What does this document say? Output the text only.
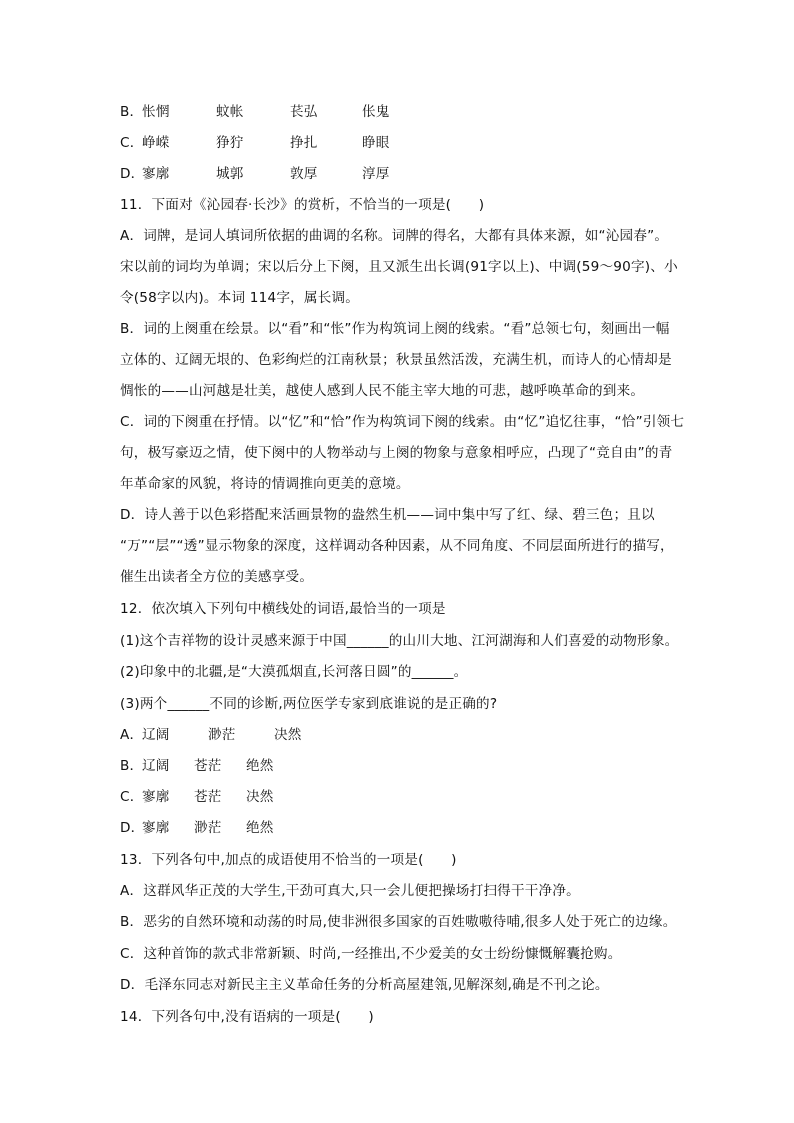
B．
怅惘	蚊帐	苌弘	伥鬼
C．
峥嵘	狰狞	挣扎	睁眼
D．
寥廓	城郭	敦厚	淳厚
11．下面对《沁园春·长沙》的赏析，不恰当的一项是(　　)
A．词牌，是词人填词所依据的曲调的名称。词牌的得名，大都有具体来源，如“沁园春”。
宋以前的词均为单调；宋以后分上下阕，且又派生出长调(91字以上)、中调(59～90字)、小
令(58字以内)。本词 114字，属长调。
B．词的上阕重在绘景。以“看”和“怅”作为构筑词上阕的线索。“看”总领七句，刻画出一幅
立体的、辽阔无垠的、色彩绚烂的江南秋景；秋景虽然活泼，充满生机，而诗人的心情却是
惆怅的——山河越是壮美，越使人感到人民不能主宰大地的可悲，越呼唤革命的到来。
C．词的下阕重在抒情。以“忆”和“恰”作为构筑词下阕的线索。由“忆”追忆往事，“恰”引领七
句，极写豪迈之情，使下阕中的人物举动与上阕的物象与意象相呼应，凸现了“竞自由”的青
年革命家的风貌，将诗的情调推向更美的意境。
D．诗人善于以色彩搭配来活画景物的盎然生机——词中集中写了红、绿、碧三色；且以
“万”“层”“透”显示物象的深度，这样调动各种因素，从不同角度、不同层面所进行的描写，
催生出读者全方位的美感享受。
12．依次填入下列句中横线处的词语,最恰当的一项是
(1)这个吉祥物的设计灵感来源于中国______的山川大地、江河湖海和人们喜爱的动物形象。
(2)印象中的北疆,是“大漠孤烟直,长河落日圆”的______。
(3)两个______不同的诊断,两位医学专家到底谁说的是正确的?
A．
辽阔	渺茫	决然
B．
辽阔 苍茫 绝然
C．
寥廓 苍茫 决然
D．
寥廓 渺茫 绝然
13．下列各句中,加点的成语使用不恰当的一项是(　　)
A．这群风华正茂的大学生,干劲可真大,只一会儿便把操场打扫得干干净净。
B．恶劣的自然环境和动荡的时局,使非洲很多国家的百姓嗷嗷待哺,很多人处于死亡的边缘。
C．这种首饰的款式非常新颖、时尚,一经推出,不少爱美的女士纷纷慷慨解囊抢购。
D．毛泽东同志对新民主主义革命任务的分析高屋建瓴,见解深刻,确是不刊之论。
14．下列各句中,没有语病的一项是(　　)
